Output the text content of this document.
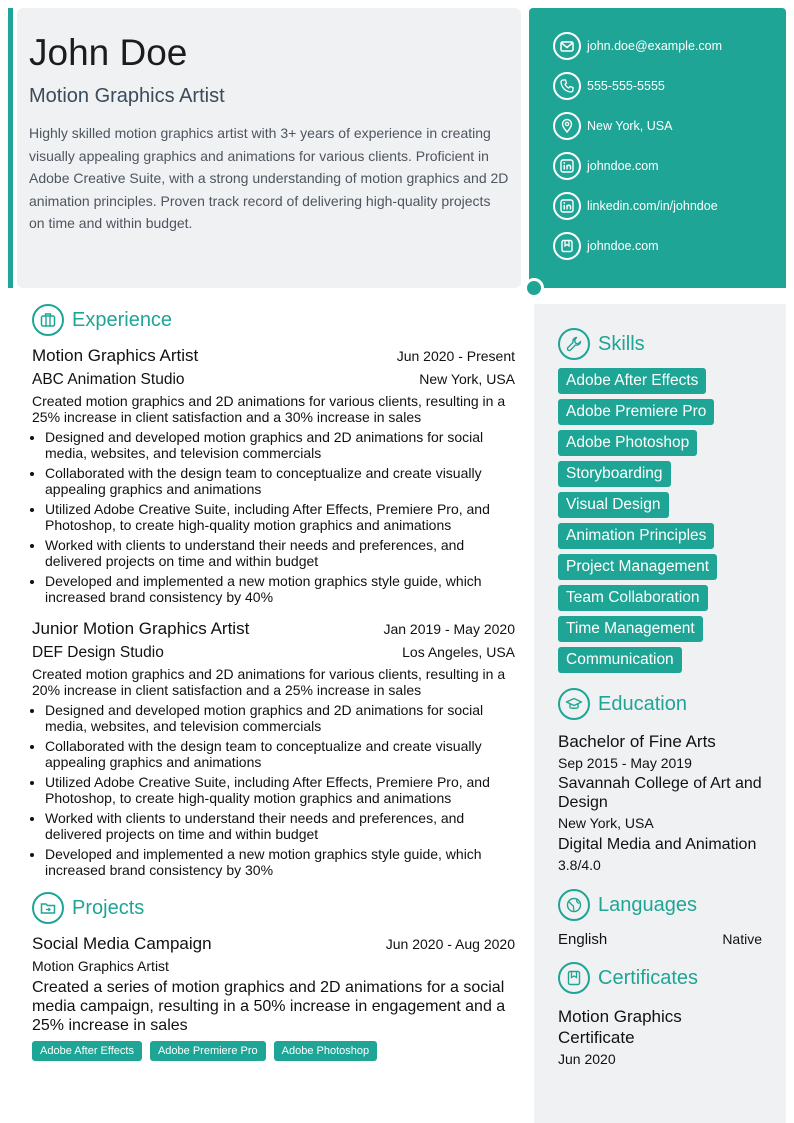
John Doe
Motion Graphics Artist
Highly skilled motion graphics artist with 3+ years of experience in creating visually appealing graphics and animations for various clients. Proficient in Adobe Creative Suite, with a strong understanding of motion graphics and 2D animation principles. Proven track record of delivering high-quality projects on time and within budget.
john.doe@example.com
555-555-5555
New York, USA
johndoe.com
linkedin.com/in/johndoe
johndoe.com
Experience
Motion Graphics Artist	Jun 2020 - Present
ABC Animation Studio	New York, USA
Created motion graphics and 2D animations for various clients, resulting in a 25% increase in client satisfaction and a 30% increase in sales
• Designed and developed motion graphics and 2D animations for social media, websites, and television commercials
• Collaborated with the design team to conceptualize and create visually appealing graphics and animations
• Utilized Adobe Creative Suite, including After Effects, Premiere Pro, and Photoshop, to create high-quality motion graphics and animations
• Worked with clients to understand their needs and preferences, and delivered projects on time and within budget
• Developed and implemented a new motion graphics style guide, which increased brand consistency by 40%
Junior Motion Graphics Artist	Jan 2019 - May 2020
DEF Design Studio	Los Angeles, USA
Created motion graphics and 2D animations for various clients, resulting in a 20% increase in client satisfaction and a 25% increase in sales
• Designed and developed motion graphics and 2D animations for social media, websites, and television commercials
• Collaborated with the design team to conceptualize and create visually appealing graphics and animations
• Utilized Adobe Creative Suite, including After Effects, Premiere Pro, and Photoshop, to create high-quality motion graphics and animations
• Worked with clients to understand their needs and preferences, and delivered projects on time and within budget
• Developed and implemented a new motion graphics style guide, which increased brand consistency by 30%
Projects
Social Media Campaign	Jun 2020 - Aug 2020
Motion Graphics Artist
Created a series of motion graphics and 2D animations for a social media campaign, resulting in a 50% increase in engagement and a 25% increase in sales
Adobe After Effects	Adobe Premiere Pro	Adobe Photoshop
Skills
Adobe After Effects
Adobe Premiere Pro
Adobe Photoshop
Storyboarding
Visual Design
Animation Principles
Project Management
Team Collaboration
Time Management
Communication
Education
Bachelor of Fine Arts
Sep 2015 - May 2019
Savannah College of Art and Design
New York, USA
Digital Media and Animation
3.8/4.0
Languages
English	Native
Certificates
Motion Graphics Certificate
Jun 2020
